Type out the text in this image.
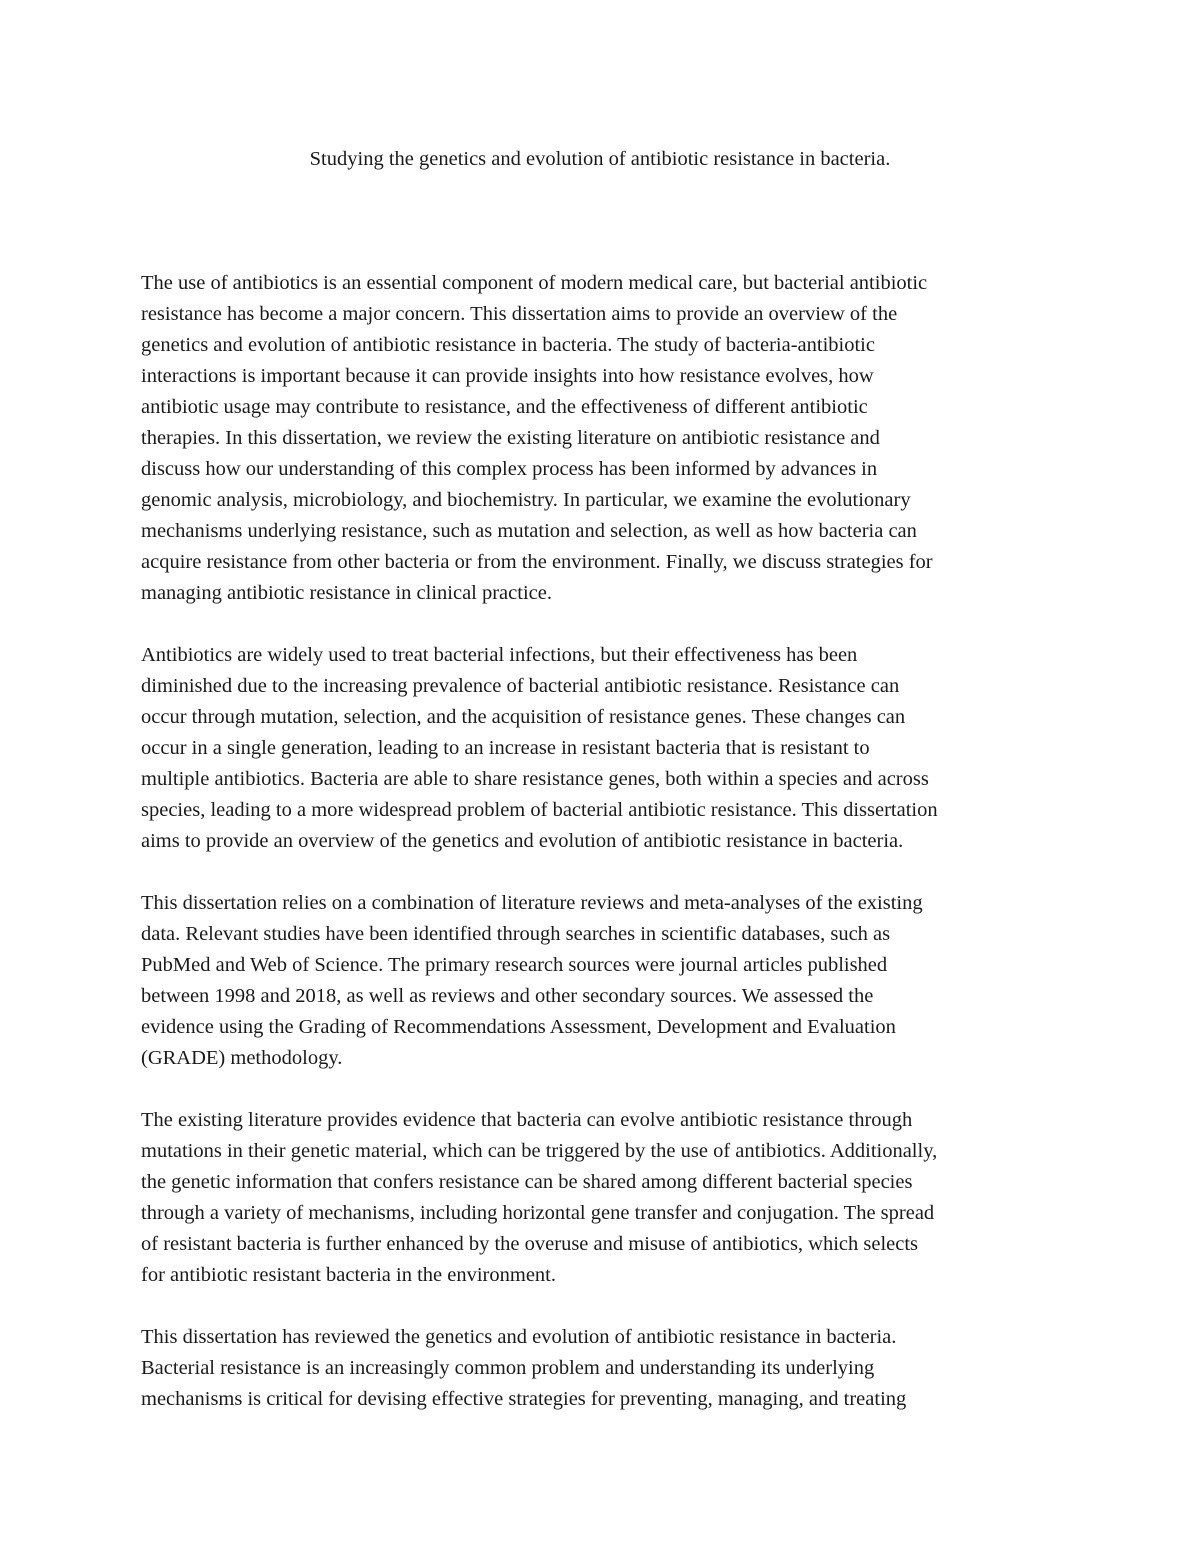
Studying the genetics and evolution of antibiotic resistance in bacteria.

The use of antibiotics is an essential component of modern medical care, but bacterial antibiotic
resistance has become a major concern. This dissertation aims to provide an overview of the
genetics and evolution of antibiotic resistance in bacteria. The study of bacteria-antibiotic
interactions is important because it can provide insights into how resistance evolves, how
antibiotic usage may contribute to resistance, and the effectiveness of different antibiotic
therapies. In this dissertation, we review the existing literature on antibiotic resistance and
discuss how our understanding of this complex process has been informed by advances in
genomic analysis, microbiology, and biochemistry. In particular, we examine the evolutionary
mechanisms underlying resistance, such as mutation and selection, as well as how bacteria can
acquire resistance from other bacteria or from the environment. Finally, we discuss strategies for
managing antibiotic resistance in clinical practice.

Antibiotics are widely used to treat bacterial infections, but their effectiveness has been
diminished due to the increasing prevalence of bacterial antibiotic resistance. Resistance can
occur through mutation, selection, and the acquisition of resistance genes. These changes can
occur in a single generation, leading to an increase in resistant bacteria that is resistant to
multiple antibiotics. Bacteria are able to share resistance genes, both within a species and across
species, leading to a more widespread problem of bacterial antibiotic resistance. This dissertation
aims to provide an overview of the genetics and evolution of antibiotic resistance in bacteria.

This dissertation relies on a combination of literature reviews and meta-analyses of the existing
data. Relevant studies have been identified through searches in scientific databases, such as
PubMed and Web of Science. The primary research sources were journal articles published
between 1998 and 2018, as well as reviews and other secondary sources. We assessed the
evidence using the Grading of Recommendations Assessment, Development and Evaluation
(GRADE) methodology.

The existing literature provides evidence that bacteria can evolve antibiotic resistance through
mutations in their genetic material, which can be triggered by the use of antibiotics. Additionally,
the genetic information that confers resistance can be shared among different bacterial species
through a variety of mechanisms, including horizontal gene transfer and conjugation. The spread
of resistant bacteria is further enhanced by the overuse and misuse of antibiotics, which selects
for antibiotic resistant bacteria in the environment.

This dissertation has reviewed the genetics and evolution of antibiotic resistance in bacteria.
Bacterial resistance is an increasingly common problem and understanding its underlying
mechanisms is critical for devising effective strategies for preventing, managing, and treating
